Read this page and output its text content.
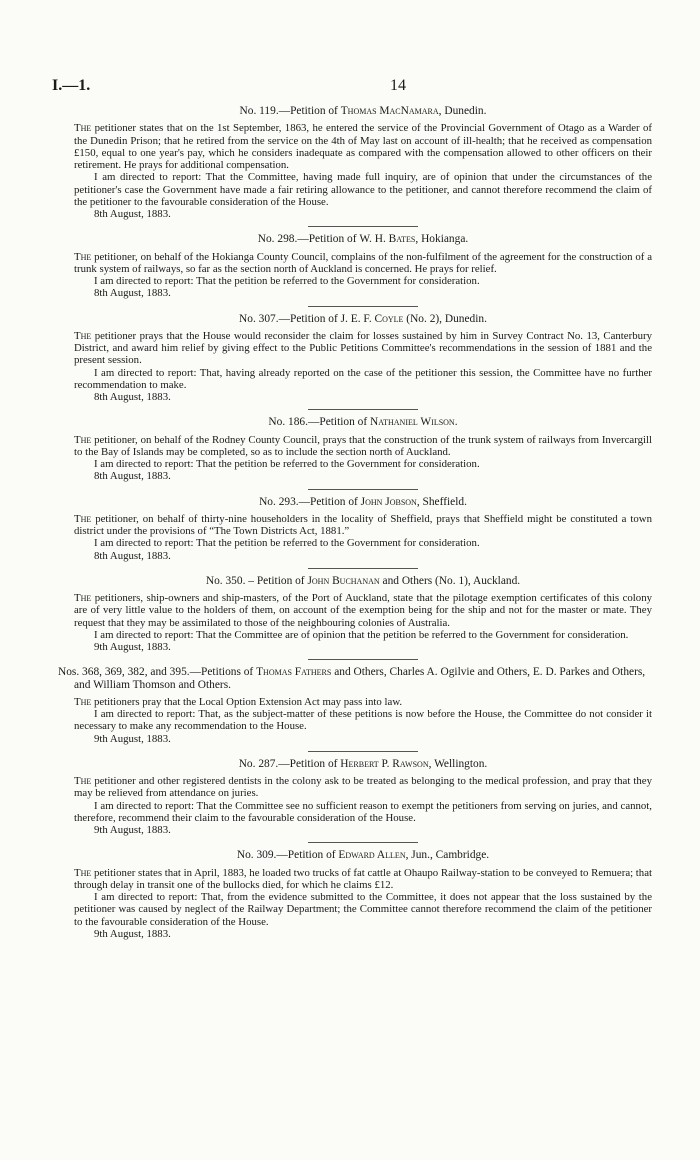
I.—1.	14
No. 119.—Petition of Thomas MacNamara, Dunedin.

The petitioner states that on the 1st September, 1863, he entered the service of the Provincial Government of Otago as a Warder of the Dunedin Prison; that he retired from the service on the 4th of May last on account of ill-health; that he received as compensation £150, equal to one year's pay, which he considers inadequate as compared with the compensation allowed to other officers on their retirement. He prays for additional compensation.

I am directed to report: That the Committee, having made full inquiry, are of opinion that under the circumstances of the petitioner's case the Government have made a fair retiring allowance to the petitioner, and cannot therefore recommend the claim of the petitioner to the favourable consideration of the House.

8th August, 1883.

No. 298.—Petition of W. H. Bates, Hokianga.

The petitioner, on behalf of the Hokianga County Council, complains of the non-fulfilment of the agreement for the construction of a trunk system of railways, so far as the section north of Auckland is concerned. He prays for relief.

I am directed to report: That the petition be referred to the Government for consideration.

8th August, 1883.

No. 307.—Petition of J. E. F. Coyle (No. 2), Dunedin.

The petitioner prays that the House would reconsider the claim for losses sustained by him in Survey Contract No. 13, Canterbury District, and award him relief by giving effect to the Public Petitions Committee's recommendations in the session of 1881 and the present session.

I am directed to report: That, having already reported on the case of the petitioner this session, the Committee have no further recommendation to make.

8th August, 1883.

No. 186.—Petition of Nathaniel Wilson.

The petitioner, on behalf of the Rodney County Council, prays that the construction of the trunk system of railways from Invercargill to the Bay of Islands may be completed, so as to include the section north of Auckland.

I am directed to report: That the petition be referred to the Government for consideration.

8th August, 1883.

No. 293.—Petition of John Jobson, Sheffield.

The petitioner, on behalf of thirty-nine householders in the locality of Sheffield, prays that Sheffield might be constituted a town district under the provisions of “The Town Districts Act, 1881.”

I am directed to report: That the petition be referred to the Government for consideration.

8th August, 1883.

No. 350. – Petition of John Buchanan and Others (No. 1), Auckland.

The petitioners, ship-owners and ship-masters, of the Port of Auckland, state that the pilotage exemption certificates of this colony are of very little value to the holders of them, on account of the exemption being for the ship and not for the master or mate. They request that they may be assimilated to those of the neighbouring colonies of Australia.

I am directed to report: That the Committee are of opinion that the petition be referred to the Government for consideration.

9th August, 1883.

Nos. 368, 369, 382, and 395.—Petitions of Thomas Fathers and Others, Charles A. Ogilvie and Others, E. D. Parkes and Others, and William Thomson and Others.

The petitioners pray that the Local Option Extension Act may pass into law.

I am directed to report: That, as the subject-matter of these petitions is now before the House, the Committee do not consider it necessary to make any recommendation to the House.

9th August, 1883.

No. 287.—Petition of Herbert P. Rawson, Wellington.

The petitioner and other registered dentists in the colony ask to be treated as belonging to the medical profession, and pray that they may be relieved from attendance on juries.

I am directed to report: That the Committee see no sufficient reason to exempt the petitioners from serving on juries, and cannot, therefore, recommend their claim to the favourable consideration of the House.

9th August, 1883.

No. 309.—Petition of Edward Allen, Jun., Cambridge.

The petitioner states that in April, 1883, he loaded two trucks of fat cattle at Ohaupo Railway-station to be conveyed to Remuera; that through delay in transit one of the bullocks died, for which he claims £12.

I am directed to report: That, from the evidence submitted to the Committee, it does not appear that the loss sustained by the petitioner was caused by neglect of the Railway Department; the Committee cannot therefore recommend the claim of the petitioner to the favourable consideration of the House.

9th August, 1883.
